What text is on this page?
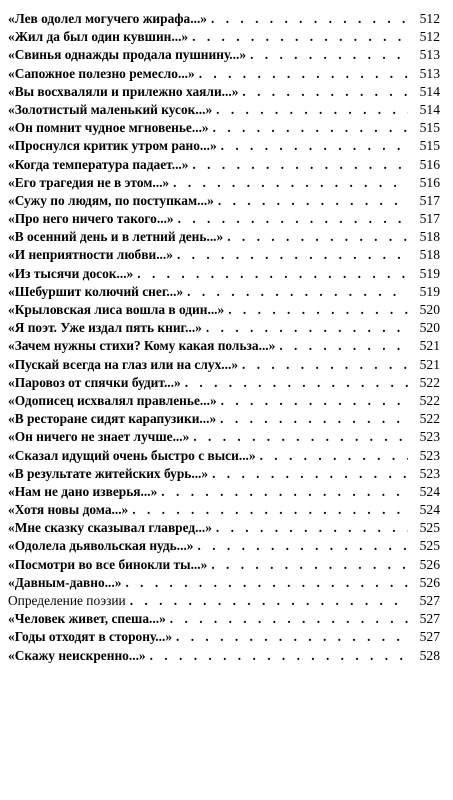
«Лев одолел могучего жирафа...» . . .	512
«Жил да был один кувшин...» . . .	512
«Свинья однажды продала пушнину...» . . .	513
«Сапожное полезно ремесло...» . . .	513
«Вы восхваляли и прилежно хаяли...» . . .	514
«Золотистый маленький кусок...» . . .	514
«Он помнит чудное мгновенье...» . . .	515
«Проснулся критик утром рано...» . . .	515
«Когда температура падает...» . . .	516
«Его трагедия не в этом...» . . .	516
«Сужу по людям, по поступкам...» . . .	517
«Про него ничего такого...» . . .	517
«В осенний день и в летний день...» . . .	518
«И неприятности любви...» . . .	518
«Из тысячи досок...» . . .	519
«Шебуршит колючий снег...» . . .	519
«Крыловская лиса вошла в один...» . . .	520
«Я поэт. Уже издал пять книг...» . . .	520
«Зачем нужны стихи? Кому какая польза...» . . .	521
«Пускай всегда на глаз или на слух...» . . .	521
«Паровоз от спячки будит...» . . .	522
«Одописец исхвалял правленье...» . . .	522
«В ресторане сидят карапузики...» . . .	522
«Он ничего не знает лучше...» . . .	523
«Сказал идущий очень быстро с выси...» . . .	523
«В результате житейских бурь...» . . .	523
«Нам не дано изверья...» . . .	524
«Хотя новы дома...» . . .	524
«Мне сказку сказывал главред...» . . .	525
«Одолела дьявольская нудь...» . . .	525
«Посмотри во все бинокли ты...» . . .	526
«Давным-давно...» . . .	526
Определение поэзии . . .	527
«Человек живет, спеша...» . . .	527
«Годы отходят в сторону...» . . .	527
«Скажу неискренно...» . . .	528
